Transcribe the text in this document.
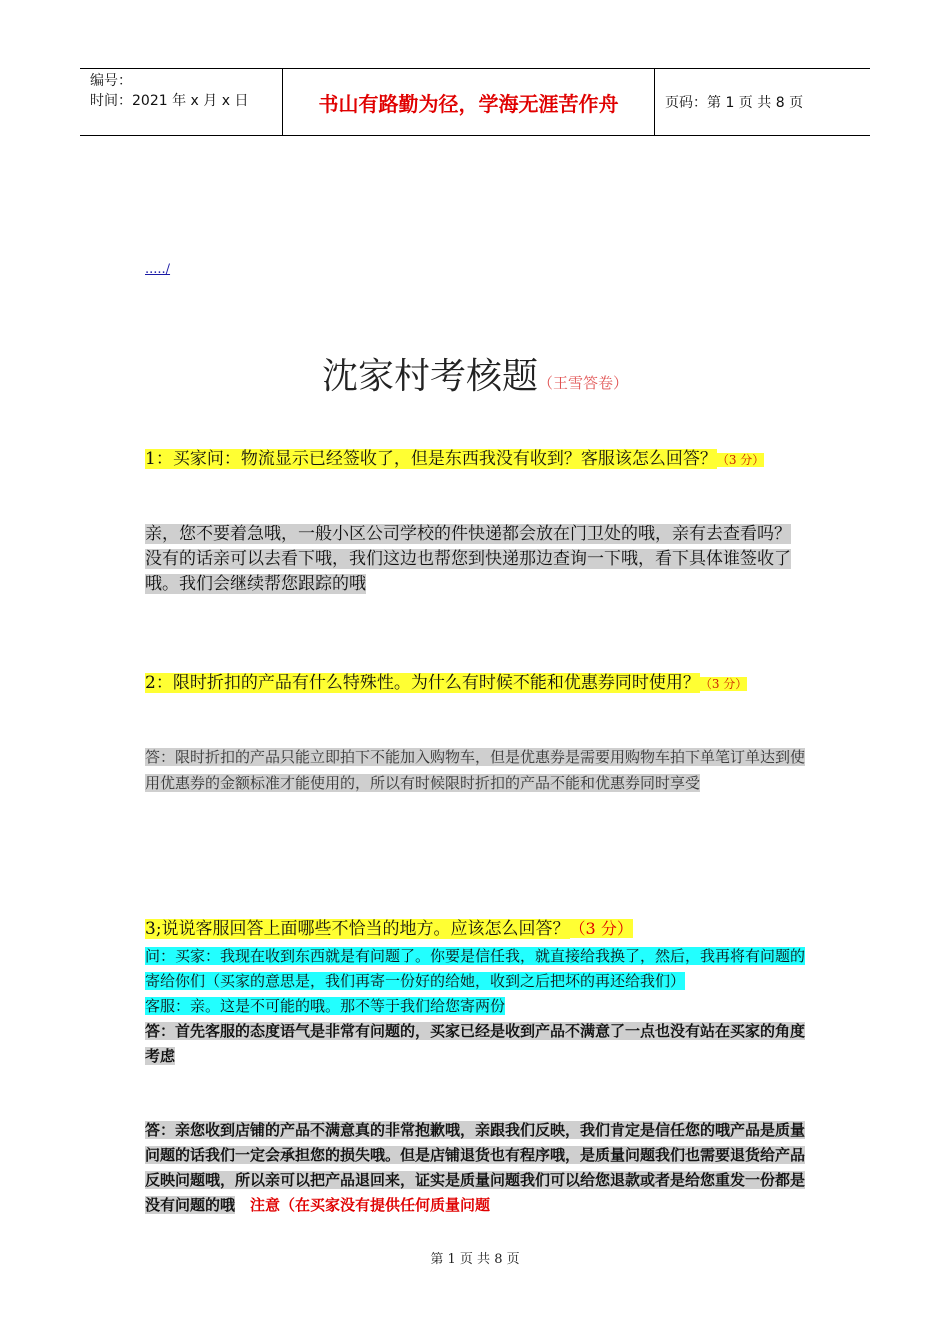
编号：
时间：2021 年 x 月 x 日	书山有路勤为径，学海无涯苦作舟	页码：第 1 页 共 8 页
...../
沈家村考核题（王雪答卷）
1：买家问：物流显示已经签收了，但是东西我没有收到？客服该怎么回答？（3 分）
亲，您不要着急哦，一般小区公司学校的件快递都会放在门卫处的哦，亲有去查看吗？没有的话亲可以去看下哦，我们这边也帮您到快递那边查询一下哦，看下具体谁签收了哦。我们会继续帮您跟踪的哦
2：限时折扣的产品有什么特殊性。为什么有时候不能和优惠券同时使用？（3 分）
答：限时折扣的产品只能立即拍下不能加入购物车，但是优惠券是需要用购物车拍下单笔订单达到使用优惠券的金额标准才能使用的，所以有时候限时折扣的产品不能和优惠券同时享受
3;说说客服回答上面哪些不恰当的地方。应该怎么回答？（3 分）
问：买家：我现在收到东西就是有问题了。你要是信任我，就直接给我换了，然后，我再将有问题的寄给你们（买家的意思是，我们再寄一份好的给她，收到之后把坏的再还给我们）
客服：亲。这是不可能的哦。那不等于我们给您寄两份
答：首先客服的态度语气是非常有问题的，买家已经是收到产品不满意了一点也没有站在买家的角度考虑
答：亲您收到店铺的产品不满意真的非常抱歉哦，亲跟我们反映，我们肯定是信任您的哦产品是质量问题的话我们一定会承担您的损失哦。但是店铺退货也有程序哦，是质量问题我们也需要退货给产品反映问题哦，所以亲可以把产品退回来，证实是质量问题我们可以给您退款或者是给您重发一份都是没有问题的哦　 注意（在买家没有提供任何质量问题
第 1 页 共 8 页
